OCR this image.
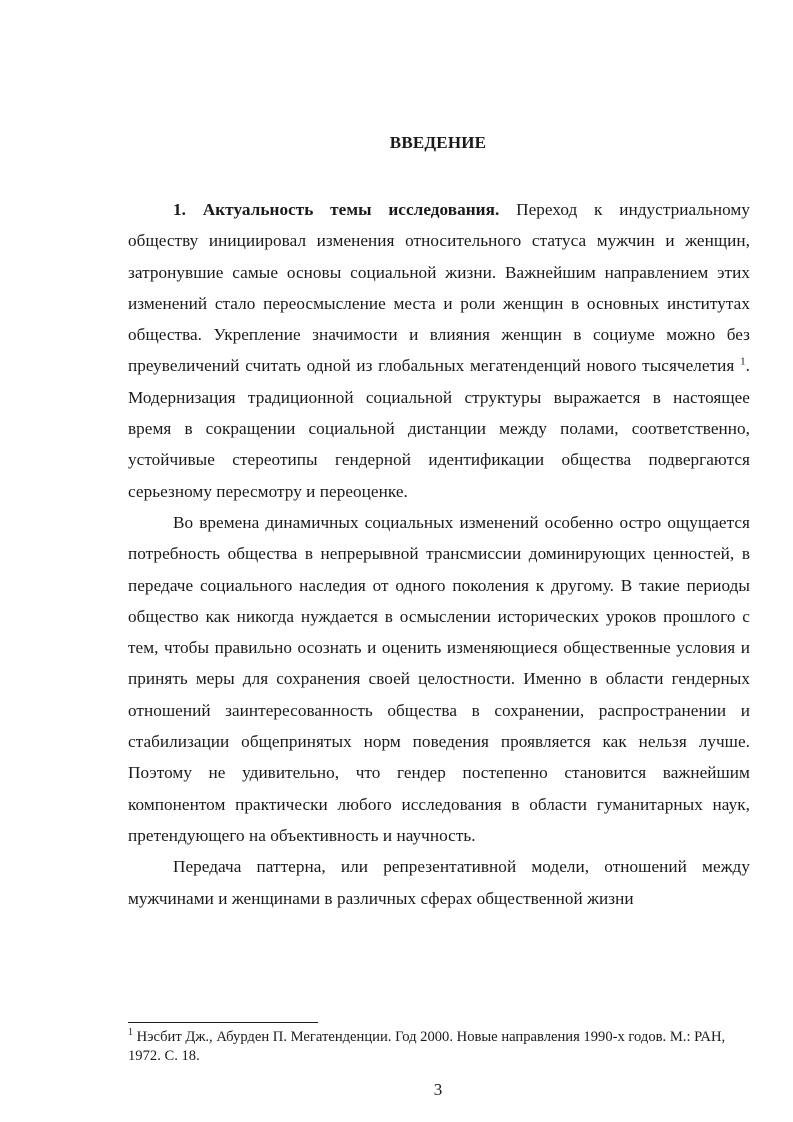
ВВЕДЕНИЕ

1. Актуальность темы исследования. Переход к индустриальному обществу инициировал изменения относительного статуса мужчин и женщин, затронувшие самые основы социальной жизни. Важнейшим направлением этих изменений стало переосмысление места и роли женщин в основных институтах общества. Укрепление значимости и влияния женщин в социуме можно без преувеличений считать одной из глобальных мегатенденций нового тысячелетия $^1$. Модернизация традиционной социальной структуры выражается в настоящее время в сокращении социальной дистанции между полами, соответственно, устойчивые стереотипы гендерной идентификации общества подвергаются серьезному пересмотру и переоценке.

Во времена динамичных социальных изменений особенно остро ощущается потребность общества в непрерывной трансмиссии доминирующих ценностей, в передаче социального наследия от одного поколения к другому. В такие периоды общество как никогда нуждается в осмыслении исторических уроков прошлого с тем, чтобы правильно осознать и оценить изменяющиеся общественные условия и принять меры для сохранения своей целостности. Именно в области гендерных отношений заинтересованность общества в сохранении, распространении и стабилизации общепринятых норм поведения проявляется как нельзя лучше. Поэтому не удивительно, что гендер постепенно становится важнейшим компонентом практически любого исследования в области гуманитарных наук, претендующего на объективность и научность.

Передача паттерна, или репрезентативной модели, отношений между мужчинами и женщинами в различных сферах общественной жизни

$^1$ Нэсбит Дж., Абурден П. Мегатенденции. Год 2000. Новые направления 1990-х годов. М.: РАН, 1972. С. 18.

3
